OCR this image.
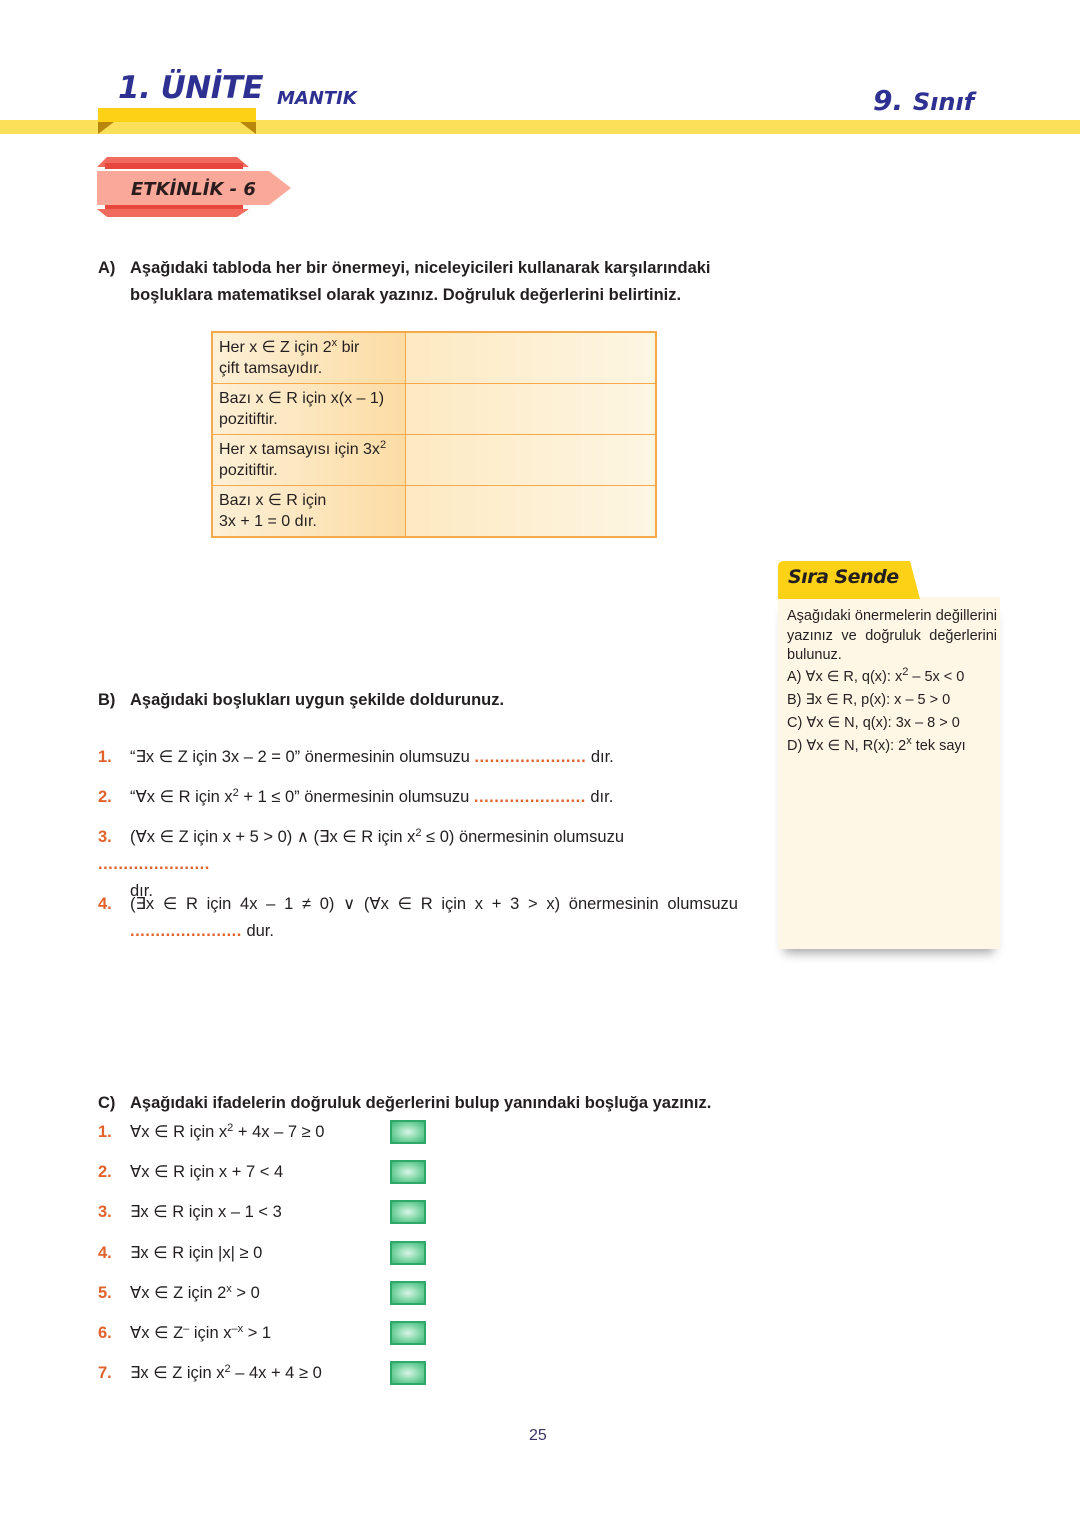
1. ÜNİTE MANTIK	9. Sınıf
ETKİNLİK - 6
A) Aşağıdaki tabloda her bir önermeyi, niceleyicileri kullanarak karşılarındaki
boşluklara matematiksel olarak yazınız. Doğruluk değerlerini belirtiniz.
Her x ∈ Z için 2$^x$ bir
çift tamsayıdır.	
Bazı x ∈ R için x(x – 1)
pozitiftir.	
Her x tamsayısı için $3x^2$
pozitiftir.	
Bazı x ∈ R için
3x + 1 = 0 dır.	
Sıra Sende
Aşağıdaki önermelerin değillerini yazınız ve doğruluk değerlerini bulunuz.
A) ∀x ∈ R, q(x): $x^2 - 5x < 0$
B) ∃x ∈ R, p(x): x – 5 > 0
C) ∀x ∈ N, q(x): 3x – 8 > 0
D) ∀x ∈ N, R(x): 2$^x$ tek sayı
B) Aşağıdaki boşlukları uygun şekilde doldurunuz.
1. “∃x ∈ Z için 3x – 2 = 0” önermesinin olumsuzu ...................... dır.
2. “∀x ∈ R için $x^2 + 1 \le 0$” önermesinin olumsuzu ...................... dır.
3. (∀x ∈ Z için x + 5 > 0) ∧ (∃x ∈ R için $x^2 \le 0$) önermesinin olumsuzu ......................
dır.
4.	(∃x ∈ R için 4x – 1 ≠ 0) ∨ (∀x ∈ R için x + 3 > x) önermesinin olumsuzu
...................... dur.
C) Aşağıdaki ifadelerin doğruluk değerlerini bulup yanındaki boşluğa yazınız.
1. ∀x ∈ R için $x^2 + 4x - 7 \ge 0$
2. ∀x ∈ R için x + 7 < 4
3. ∃x ∈ R için x – 1 < 3
4. ∃x ∈ R için |x| ≥ 0
5. ∀x ∈ Z için $2^x > 0$
6. ∀x ∈ Z– için $x^{-x} > 1$
7. ∃x ∈ Z için $x^2 - 4x + 4 \ge 0$
25
